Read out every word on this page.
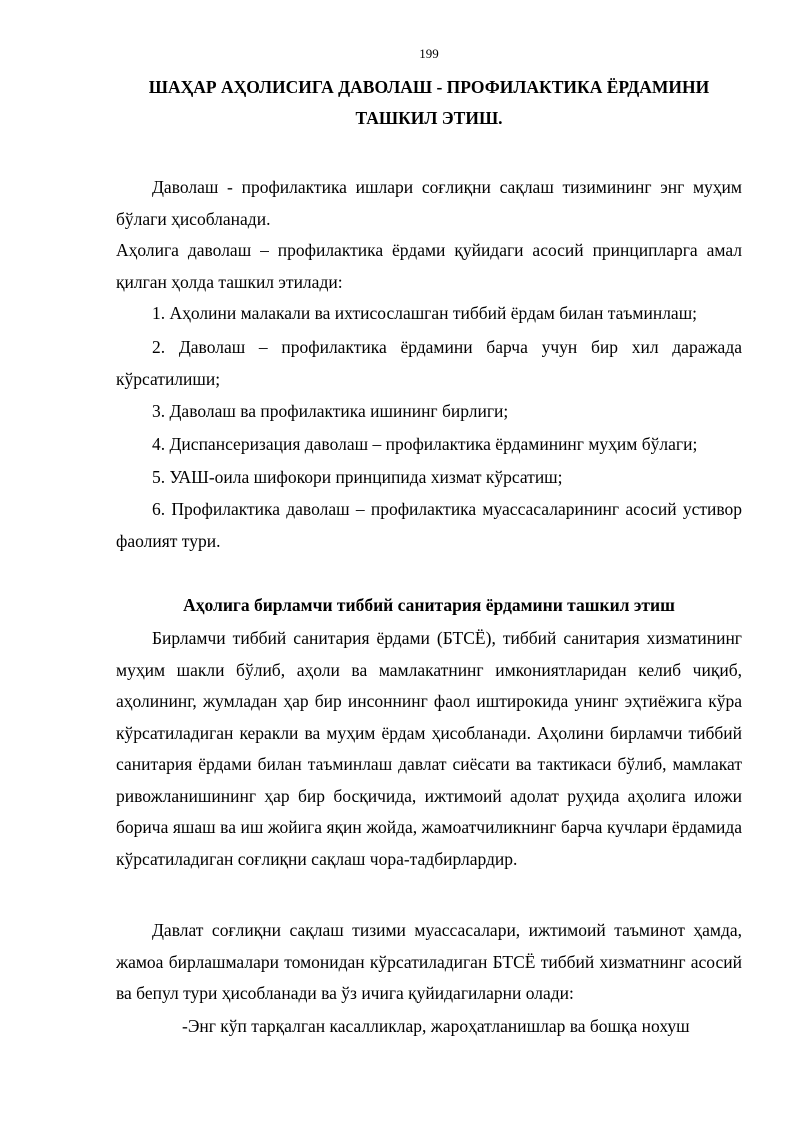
199
ШАҲАР АҲОЛИСИГА ДАВОЛАШ - ПРОФИЛАКТИКА ЁРДАМИНИ
ТАШКИЛ ЭТИШ.

Даволаш - профилактика ишлари соғлиқни сақлаш тизимининг энг муҳим бўлаги ҳисобланади.

Аҳолига даволаш – профилактика ёрдами қуйидаги асосий принципларга амал қилган ҳолда ташкил этилади:

1. Аҳолини малакали ва ихтисослашган тиббий ёрдам билан таъминлаш;

2. Даволаш – профилактика ёрдамини барча учун бир хил даражада кўрсатилиши;

3. Даволаш ва профилактика ишининг бирлиги;

4. Диспансеризация даволаш – профилактика ёрдамининг муҳим бўлаги;

5. УАШ-оила шифокори принципида хизмат кўрсатиш;

6. Профилактика даволаш – профилактика муассасаларининг асосий устивор фаолият тури.

Аҳолига бирламчи тиббий санитария ёрдамини ташкил этиш

Бирламчи тиббий санитария ёрдами (БТСЁ), тиббий санитария хизматининг муҳим шакли бўлиб, аҳоли ва мамлакатнинг имкониятларидан келиб чиқиб, аҳолининг, жумладан ҳар бир инсоннинг фаол иштирокида унинг эҳтиёжига кўра кўрсатиладиган керакли ва муҳим ёрдам ҳисобланади. Аҳолини бирламчи тиббий санитария ёрдами билан таъминлаш давлат сиёсати ва тактикаси бўлиб, мамлакат ривожланишининг ҳар бир босқичида, ижтимоий адолат руҳида аҳолига иложи борича яшаш ва иш жойига яқин жойда, жамоатчиликнинг барча кучлари ёрдамида кўрсатиладиган соғлиқни сақлаш чора-тадбирлардир.

Давлат соғлиқни сақлаш тизими муассасалари, ижтимоий таъминот ҳамда, жамоа бирлашмалари томонидан кўрсатиладиган БТСЁ тиббий хизматнинг асосий ва бепул тури ҳисобланади ва ўз ичига қуйидагиларни олади:

-Энг кўп тарқалган касалликлар, жароҳатланишлар ва бошқа нохуш
